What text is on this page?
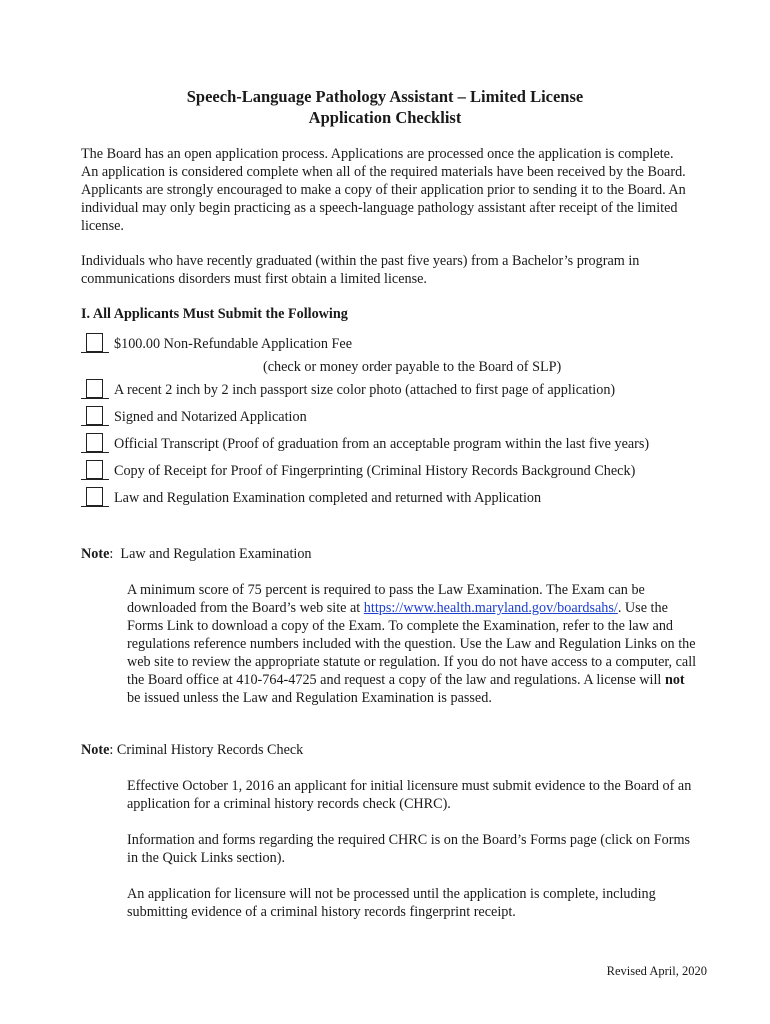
Speech-Language Pathology Assistant – Limited License
Application Checklist

The Board has an open application process. Applications are processed once the application is complete. An application is considered complete when all of the required materials have been received by the Board. Applicants are strongly encouraged to make a copy of their application prior to sending it to the Board. An individual may only begin practicing as a speech-language pathology assistant after receipt of the limited license.

Individuals who have recently graduated (within the past five years) from a Bachelor’s program in communications disorders must first obtain a limited license.

I. All Applicants Must Submit the Following
$100.00 Non-Refundable Application Fee
(check or money order payable to the Board of SLP)
A recent 2 inch by 2 inch passport size color photo (attached to first page of application)
Signed and Notarized Application
Official Transcript (Proof of graduation from an acceptable program within the last five years)
Copy of Receipt for Proof of Fingerprinting (Criminal History Records Background Check)
Law and Regulation Examination completed and returned with Application
Note:  Law and Regulation Examination

A minimum score of 75 percent is required to pass the Law Examination. The Exam can be downloaded from the Board’s web site at https://www.health.maryland.gov/boardsahs/. Use the Forms Link to download a copy of the Exam. To complete the Examination, refer to the law and regulations reference numbers included with the question. Use the Law and Regulation Links on the web site to review the appropriate statute or regulation. If you do not have access to a computer, call the Board office at 410-764-4725 and request a copy of the law and regulations. A license will not be issued unless the Law and Regulation Examination is passed.

Note: Criminal History Records Check

Effective October 1, 2016 an applicant for initial licensure must submit evidence to the Board of an application for a criminal history records check (CHRC).

Information and forms regarding the required CHRC is on the Board’s Forms page (click on Forms in the Quick Links section).

An application for licensure will not be processed until the application is complete, including submitting evidence of a criminal history records fingerprint receipt.

Revised April, 2020
